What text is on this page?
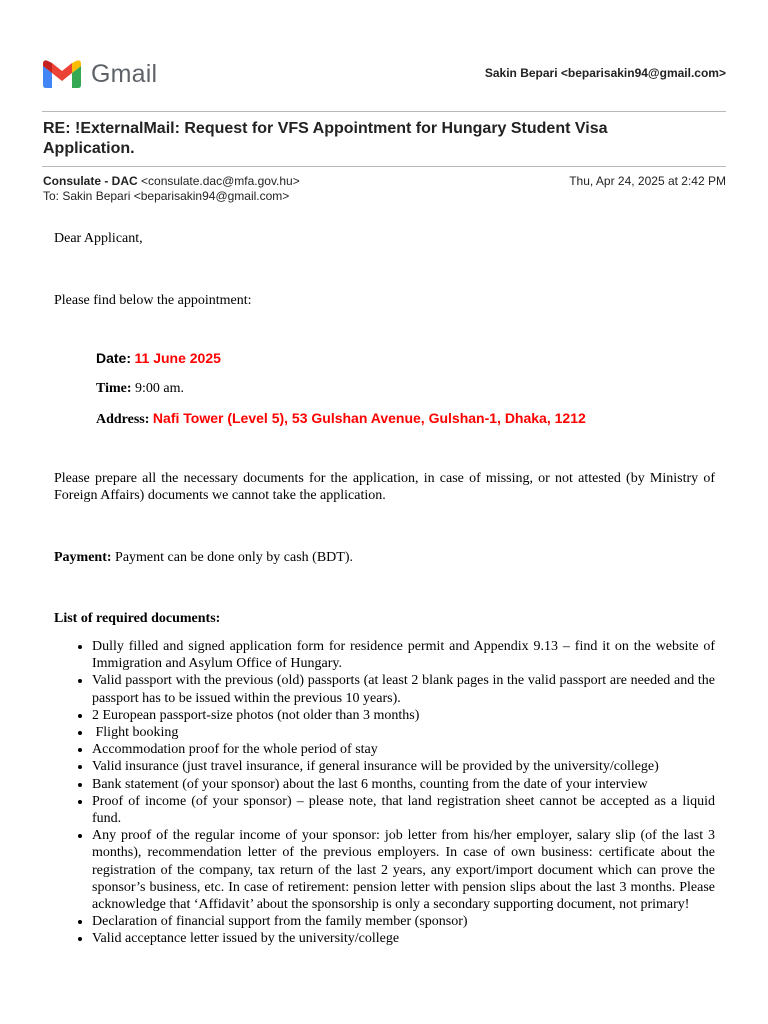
Gmail	Sakin Bepari <beparisakin94@gmail.com>
RE: !ExternalMail: Request for VFS Appointment for Hungary Student Visa Application.
Consulate - DAC <consulate.dac@mfa.gov.hu>	Thu, Apr 24, 2025 at 2:42 PM
To: Sakin Bepari <beparisakin94@gmail.com>

Dear Applicant,

Please find below the appointment:

Date: 11 June 2025
Time: 9:00 am.
Address: Nafi Tower (Level 5), 53 Gulshan Avenue, Gulshan-1, Dhaka, 1212

Please prepare all the necessary documents for the application, in case of missing, or not attested (by Ministry of Foreign Affairs) documents we cannot take the application.

Payment: Payment can be done only by cash (BDT).

List of required documents:

• Dully filled and signed application form for residence permit and Appendix 9.13 – find it on the website of Immigration and Asylum Office of Hungary.
• Valid passport with the previous (old) passports (at least 2 blank pages in the valid passport are needed and the passport has to be issued within the previous 10 years).
• 2 European passport-size photos (not older than 3 months)
•  Flight booking
• Accommodation proof for the whole period of stay
• Valid insurance (just travel insurance, if general insurance will be provided by the university/college)
• Bank statement (of your sponsor) about the last 6 months, counting from the date of your interview
• Proof of income (of your sponsor) – please note, that land registration sheet cannot be accepted as a liquid fund.
• Any proof of the regular income of your sponsor: job letter from his/her employer, salary slip (of the last 3 months), recommendation letter of the previous employers. In case of own business: certificate about the registration of the company, tax return of the last 2 years, any export/import document which can prove the sponsor’s business, etc. In case of retirement: pension letter with pension slips about the last 3 months. Please acknowledge that ‘Affidavit’ about the sponsorship is only a secondary supporting document, not primary!
• Declaration of financial support from the family member (sponsor)
• Valid acceptance letter issued by the university/college
